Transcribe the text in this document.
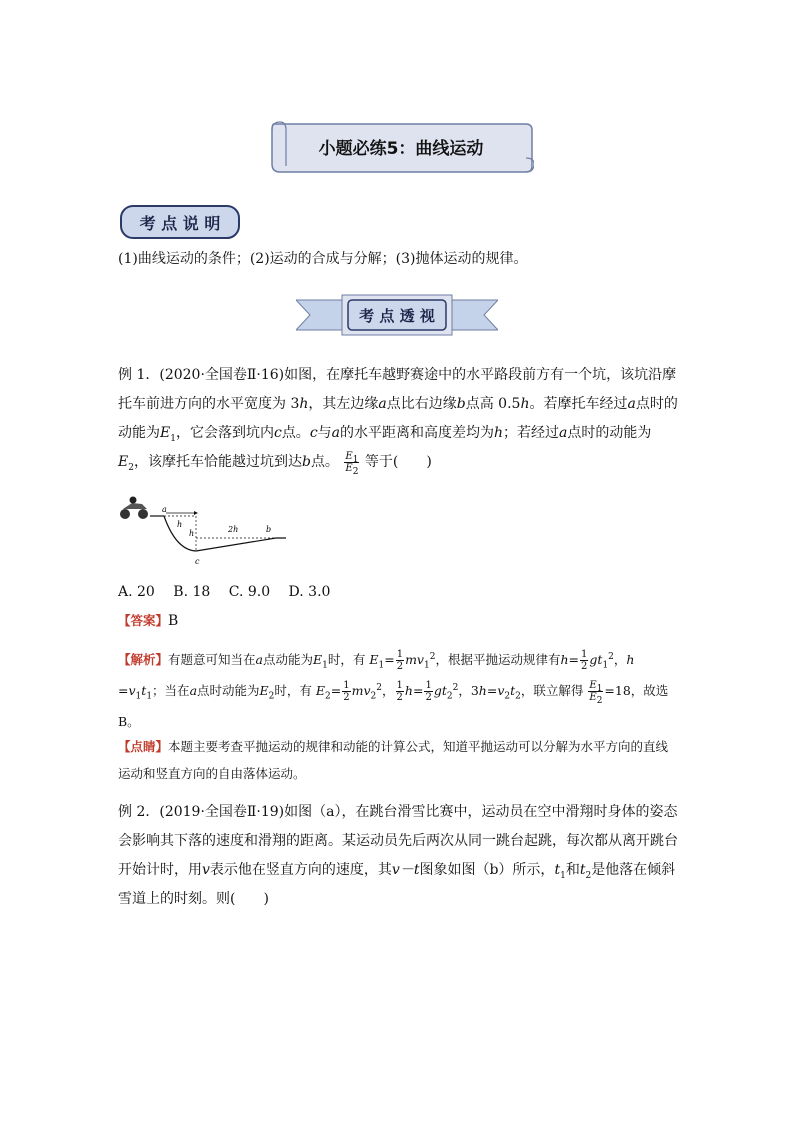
小题必练5：曲线运动
考 点 说 明
(1)曲线运动的条件；(2)运动的合成与分解；(3)抛体运动的规律。
考 点 透 视
例 1．(2020·全国卷Ⅱ·16)如图，在摩托车越野赛途中的水平路段前方有一个坑，该坑沿摩托车前进方向的水平宽度为 3h，其左边缘a点比右边缘b点高 0.5h。若摩托车经过a点时的动能为$E_1$，它会落到坑内c点。c与a的水平距离和高度差均为h；若经过a点时的动能为
$E_2$，该摩托车恰能越过坑到达b点。 $\frac{E_1}{E_2}$ 等于(　　)
a
h
h	2h	b
c
A. 20　 B. 18　 C. 9.0　 D. 3.0
【答案】B
【解析】有题意可知当在a点动能为$E_1$时，有 $E_1= \frac{1}{2} mv_1^2$，根据平抛运动规律有$h= \frac{1}{2} gt_1^2$，h
$=v_1t_1$；当在a点时动能为$E_2$时，有 $E_2= \frac{1}{2} mv_2^2$， $\frac{1}{2} h= \frac{1}{2} gt_2^2$，$3h=v_2t_2$，联立解得 $\frac{E_1}{E_2} =18$，故选B。
【点睛】本题主要考查平抛运动的规律和动能的计算公式，知道平抛运动可以分解为水平方向的直线运动和竖直方向的自由落体运动。
例 2．(2019·全国卷Ⅱ·19)如图（a），在跳台滑雪比赛中，运动员在空中滑翔时身体的姿态会影响其下落的速度和滑翔的距离。某运动员先后两次从同一跳台起跳，每次都从离开跳台开始计时，用v表示他在竖直方向的速度，其v－t图象如图（b）所示，$t_1$和$t_2$是他落在倾斜雪道上的时刻。则(　　)
